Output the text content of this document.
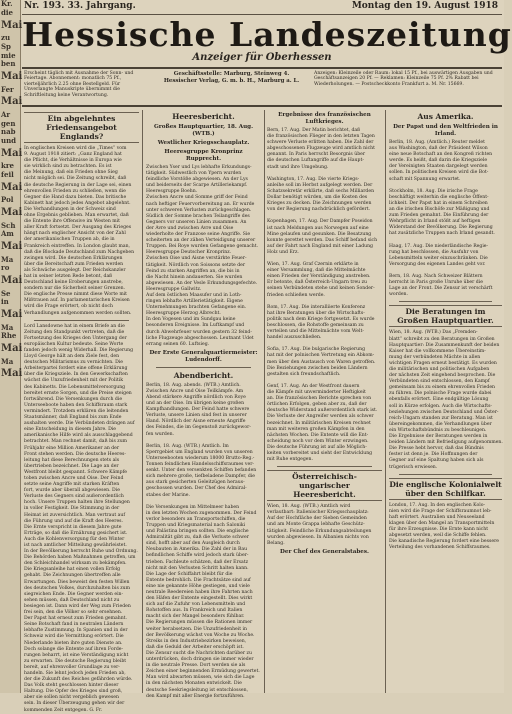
Kr.
die
Mai
zu
Sp
mie
ben
Mai
Fer
Mai
Ar
gen
nab
und
Mai
kre
feil
Mai
Pol
Mai
Sch
Am
Mai
Ma
ro
Mai
Se
in
Mai
Ma
Rhe
Mai
Ma
Mai
Nr. 193. 33. Jahrgang.	Montag den 19. August 1918
Hessische Landeszeitung
Anzeiger für Oberhessen
Erscheint täglich mit Ausnahme der Sonn- und Feiertage. Abonnement: monatlich 75 Pf., vierteljährlich 2.25 ohne Bestellgeld. Für Unverlangte Manuskripte übernimmt die Schriftleitung keine Verantwortung.
Geschäftsstelle: Marburg, Steinweg 4.
Hessischer Verlag, G. m. b. H., Marburg a. L.
Anzeigen: Kleinzeile oder Raum: lokal 15 Pf., bei auswärtigen Ausgaben und Geschäftsanzeigen 20 Pf. — Reklamen: Kleinzeile 75 Pf. 2% Rabatt bei Wiederholungen. — Postscheckkonto Frankfurt a. M. Nr. 15669.
Ein abgelehntes Friedensangebot Englands?
In englischen Kreisen wird die „Times“ vom
9. August 1918 zitiert: „Ganz England hat
die Pflicht, die Verhältnisse in Europa wie
sie wirklich sind zu betrachten. Es ist
die Meinung, daß ein Frieden ohne Sieg
nicht möglich sei. Die Zeitung schreibt, daß
die deutsche Regierung in der Lage sei, einen
ehrenvollen Frieden zu schließen, wenn die
Gegner die Hand dazu bieten. Das britische
Kabinett hat jedoch jedes Angebot abgelehnt.
Die Verhandlungen in der Schweiz sind
ohne Ergebnis geblieben. Man erwartet, daß
die Entente ihre Offensive im Westen mit
aller Kraft fortsetzt. Der Ausgang des Krieges
hängt nach englischer Ansicht von der Zahl
der amerikanischen Truppen ab, die in
Frankreich eintreffen. In London glaubt man,
daß die Blockade Deutschland zum Nachgeben
zwingen wird. Die deutschen Erklärungen
über die Bereitschaft zum Frieden werden
als Schwäche ausgelegt. Der Reichskanzler
hat in seiner letzten Rede betont, daß
Deutschland keine Eroberungen anstrebe,
sondern nur die Sicherheit seiner Grenzen.
Die englische Presse nimmt diese Worte mit
Mißtrauen auf. In parlamentarischen Kreisen
wird die Frage erörtert, ob nicht doch
Verhandlungen aufgenommen werden sollten.
Lord Lansdowne hat in einem Briefe an die
Zeitung den Standpunkt vertreten, daß die
Fortsetzung des Krieges den Untergang der
europäischen Kultur bedeute. Seine Worte
fanden jedoch wenig Widerhall. Die Regierung
Lloyd George hält an dem Ziele fest, den
deutschen Militarismus zu vernichten. Die
Arbeiterpartei fordert eine offene Erklärung
über die Kriegsziele. In den Gewerkschaften
wächst die Unzufriedenheit mit der Politik
des Kabinetts. Die Lebensmittelversorgung
bereitet ernste Sorgen, und die Preise steigen
fortwährend. Die Versenkungen durch die
Unterseeboote haben den Schiffsraum stark
vermindert. Trotzdem erklären die leitenden
Staatsmänner, daß England bis zum Ende
aushalten werde. Die Verbündeten drängen auf
eine Entscheidung in diesem Jahre. Die
amerikanische Hilfe wird als ausschlaggebend
betrachtet. Man rechnet damit, daß bis zum
Frühjahr eine Million Amerikaner an der
Front stehen werden. Die deutsche Heeres-
leitung hat diese Berechnungen stets als
übertrieben bezeichnet. Die Lage an der
Westfront bleibt gespannt. Schwere Kämpfe
toben zwischen Ancre und Oise. Der Feind
setzte seine Angriffe mit starken Kräften
fort, wurde aber überall abgewiesen. Die
Verluste des Gegners sind außerordentlich
hoch. Unsere Truppen halten ihre Stellungen
in voller Festigkeit. Die Stimmung in der
Heimat ist zuversichtlich. Man vertraut auf
die Führung und auf die Kraft des Heeres.
Die Ernte verspricht in diesem Jahre gute
Erträge, so daß die Ernährung gesichert ist.
Auch die Kohlenversorgung für den Winter
ist nach amtlicher Mitteilung gewährleistet.
In der Bevölkerung herrscht Ruhe und Ordnung.
Die Behörden haben Maßnahmen getroffen, um
den Schleichhandel wirksam zu bekämpfen.
Die Kriegsanleihe hat einen vollen Erfolg
gehabt. Die Zeichnungen übertreffen alle
Erwartungen. Dies beweist den festen Willen
des deutschen Volkes, durchzuhalten bis zum
siegreichen Ende. Die Gegner werden ein-
sehen müssen, daß Deutschland nicht zu
besiegen ist. Dann wird der Weg zum Frieden
frei sein, den die Völker so sehr ersehnen.
Der Papst hat erneut zum Frieden gemahnt.
Seine Botschaft fand in neutralen Ländern
lebhafte Zustimmung. In Spanien und in der
Schweiz wird die Vermittlung erörtert. Die
Niederlande bieten ihre guten Dienste an.
Doch solange die Entente auf ihren Forde-
rungen beharrt, ist eine Verständigung nicht
zu erwarten. Die deutsche Regierung bleibt
bereit, auf ehrenvoller Grundlage zu ver-
handeln. Sie lehnt jedoch jeden Frieden ab,
der die Zukunft des Reiches gefährden würde.
Das Volk steht geschlossen hinter dieser
Haltung. Die Opfer des Krieges sind groß,
aber sie sollen nicht vergeblich gewesen
sein. In dieser Überzeugung gehen wir der
kommenden Zeit entgegen. G. Fr.
Heeresbericht.
Großes Hauptquartier, 18. Aug. (WTB.)
Westlicher Kriegsschauplatz.
Heeresgruppe Kronprinz Rupprecht.
Zwischen Yser und Lys lebhafte Erkundungs-
tätigkeit. Südwestlich von Ypern wurden
feindliche Vorstöße abgewiesen. An der Lys
und beiderseits der Scarpe Artilleriekampf.
Heeresgruppe Boehn.
Zwischen Ancre und Somme griff der Feind
nach heftiger Feuervorbereitung an. Er wurde
unter schweren Verlusten zurückgeschlagen.
Südlich der Somme brachen Teilangriffe des
Gegners vor unseren Linien zusammen. An
der Avre und zwischen Avre und Oise
wiederholte der Franzose seine Angriffe. Sie
scheiterten an der zähen Verteidigung unserer
Truppen. Bei Roye wurden Gefangene gemacht.
Heeresgruppe Deutscher Kronprinz.
Zwischen Oise und Aisne verstärkte Feuer-
tätigkeit. Nördlich von Soissons setzte der
Feind zu starken Angriffen an, die bis in
die Nacht hinein andauerten. Sie wurden
abgewiesen. An der Vesle Erkundungsgefechte.
Heeresgruppe Gallwitz.
Auf dem östlichen Maasufer und in Loth-
ringen lebhafte Artillerietätigkeit. Eigene
Unternehmungen brachten Gefangene ein.
Heeresgruppe Herzog Albrecht.
In den Vogesen und im Sundgau keine
besonderen Ereignisse. Im Luftkampf und
durch Abwehrfeuer wurden gestern 32 feind-
liche Flugzeuge abgeschossen. Leutnant Udet
errang seinen 60. Luftsieg.
Der Erste Generalquartiermeister: Ludendorff.
Abendbericht.
Berlin, 18. Aug. abends. (WTB.) Amtlich.
Zwischen Ancre und Oise Teilkämpfe. Am
Abend stärkere Angriffe nördlich von Roye
und an der Oise. Im übrigen keine großen
Kampfhandlungen. Der Feind hatte schwere
Verluste, unsere Linien sind fest in unserer
Hand. Nördlich der Aisne erneute Angriffe
des Feindes, die im Gegenstoß zurückgewor-
fen wurden.

Berlin, 18. Aug. (WTB.) Amtlich. Im
Sperrgebiet um England wurden von unseren
Unterseebooten wiederum 18000 Brutto-Reg.-
Tonnen feindlichen Handelsschiffsraumes ver-
senkt. Unter den versenkten Schiffen befanden
sich mehrere große, tiefbeladene Dampfer, die
aus stark gesicherten Geleitzügen heraus-
geschossen wurden. Der Chef des Admiral-
stabes der Marine.

Die Versenkungen im Mittelmeer haben
in den letzten Wochen zugenommen. Der Feind
verlor besonders an Transportschiffen, die
Truppen und Kriegsmaterial nach Saloniki
und Palästina bringen sollten. Die englische
Admiralität gibt zu, daß die Verluste schwer
sind, hofft aber auf den Ausgleich durch
Neubauten in Amerika. Die Zahl der in Bau
befindlichen Schiffe wird jedoch stark über-
trieben. Fachleute schätzen, daß der Ersatz
nicht mit den Verlusten Schritt halten kann.
Die Lage der Schiffahrt bleibt für die
Entente bedrohlich. Die Frachtsätze sind auf
eine nie gekannte Höhe gestiegen, und viele
neutrale Reedereien haben ihre Fahrten nach
den Häfen der Entente eingestellt. Dies wirkt
sich auf die Zufuhr von Lebensmitteln und
Rohstoffen aus. In Frankreich und Italien
macht sich der Mangel besonders fühlbar.
Die Regierungen müssen die Rationen immer
weiter herabsetzen. Die Unzufriedenheit in
der Bevölkerung wächst von Woche zu Woche.
Streiks in den Industriebezirken beweisen,
daß die Geduld der Arbeiter erschöpft ist.
Die Zensur sucht die Nachrichten darüber zu
unterdrücken, doch dringen sie immer wieder
in die neutrale Presse. Dort werden sie als
Zeichen einer beginnenden Ermüdung gewertet.
Man wird abwarten müssen, wie sich die Lage
in den nächsten Monaten entwickelt. Die
deutsche Seekriegsleitung ist entschlossen,
den Kampf mit aller Energie fortzuführen.
Ergebnisse des französischen Luftkrieges.
Bern, 17. Aug. Der Matin berichtet, daß
die französischen Flieger in den letzten Tagen
schwere Verluste erlitten haben. Die Zahl der
abgeschossenen Flugzeuge wird amtlich nicht
genannt. In Paris herrscht Besorgnis über
die deutschen Luftangriffe auf die Haupt-
stadt und ihre Umgebung.

Washington, 17. Aug. Die vierte Kriegs-
anleihe soll im Herbst aufgelegt werden. Der
Schatzsekretär erklärte, daß sechs Milliarden
Dollar benötigt würden, um die Kosten des
Krieges zu decken. Die Zeichnungen werden
von der Regierung nachdrücklich gefördert.

Kopenhagen, 17. Aug. Der Dampfer Poseidon
ist nach Meldungen aus Norwegen auf eine
Mine gelaufen und gesunken. Die Besatzung
konnte gerettet werden. Das Schiff befand sich
auf der Fahrt nach England mit einer Ladung
Holz und Erz.

Wien, 17. Aug. Graf Czernin erklärte in
einer Versammlung, daß die Mittelmächte
einen Frieden der Verständigung anstreben.
Er betonte, daß Österreich-Ungarn treu zu
seinen Verbündeten stehe und keinen Sonder-
frieden schließen werde.

Rom, 17. Aug. Die interalliierte Konferenz
hat ihre Beratungen über die Wirtschafts-
politik nach dem Kriege fortgesetzt. Es wurde
beschlossen, die Rohstoffe gemeinsam zu
verteilen und die Mittelmächte vom Welt-
handel auszuschließen.

Sofia, 17. Aug. Die bulgarische Regierung
hat mit der polnischen Vertretung ein Abkom-
men über den Austausch von Waren getroffen.
Die Beziehungen zwischen beiden Ländern
gestalten sich freundschaftlich.

Genf, 17. Aug. An der Westfront dauern
die Kämpfe mit unverminderter Heftigkeit
an. Die französischen Berichte sprechen von
örtlichen Erfolgen, geben aber zu, daß der
deutsche Widerstand außerordentlich stark ist.
Die Verluste der Angreifer werden als schwer
bezeichnet. In militärischen Kreisen rechnet
man mit weiteren großen Kämpfen in den
nächsten Wochen. Die Entente will die Ent-
scheidung noch vor dem Winter erzwingen.
Die deutsche Führung ist auf alle Möglich-
keiten vorbereitet und sieht der Entwicklung
mit Ruhe entgegen.
Österreichisch-ungarischer Heeresbericht.
Wien, 18. Aug. (WTB.) Amtlich wird
verlautbart: Italienischer Kriegsschauplatz:
Auf der Hochfläche der Sieben Gemeinden
und am Monte Grappa lebhafte Geschütz-
tätigkeit. Feindliche Erkundungsabteilungen
wurden abgewiesen. In Albanien nichts von
Belang.
Der Chef des Generalstabes.
Aus Amerika.
Der Papst und den Weltfrieden in Irland.
Berlin, 18. Aug. (Amtlich.) Reuter meldet
aus Washington, daß der Präsident Wilson
eine neue Botschaft an den Kongreß richten
werde. Es heißt, daß darin die Kriegsziele
der Vereinigten Staaten dargelegt werden
sollen. In politischen Kreisen wird die Bot-
schaft mit Spannung erwartet.

Stockholm, 18. Aug. Die irische Frage
beschäftigt weiterhin die englische Öffent-
lichkeit. Der Papst hat in einem Schreiben
an die irischen Bischöfe zur Mäßigung und
zum Frieden gemahnt. Die Einführung der
Wehrpflicht in Irland stößt auf heftigen
Widerstand der Bevölkerung. Die Regierung
hat zusätzliche Truppen nach Irland gesandt.

Haag, 17. Aug. Die niederländische Regie-
rung hat beschlossen, die Ausfuhr von
Lebensmitteln weiter einzuschränken. Die
Versorgung des eigenen Landes geht vor.

Bern, 18. Aug. Nach Schweizer Blättern
herrscht in Paris große Unruhe über die
Lage an der Front. Die Zensur ist verschärft
worden.
Die Beratungen im Großen Hauptquartier.
Wien, 18. Aug. (WTB.) Das „Fremden-
blatt“ schreibt zu den Beratungen im Großen
Hauptquartier: Die Zusammenkunft der beiden
Kaiser hat die vollkommene Übereinstim-
mung der verbündeten Mächte in allen
wichtigen Fragen erneut bestätigt. Es wurden
die militärischen und politischen Aufgaben
der nächsten Zeit eingehend besprochen. Die
Verbündeten sind entschlossen, den Kampf
gemeinsam bis zu einem ehrenvollen Frieden
zu führen. Die polnische Frage wurde dabei
ebenfalls erörtert. Eine endgültige Lösung
soll in Kürze erfolgen. Auch die Wirtschafts-
beziehungen zwischen Deutschland und Öster-
reich-Ungarn standen zur Beratung. Man ist
übereingekommen, die Verhandlungen über
ein Wirtschaftsbündnis zu beschleunigen.
Die Ergebnisse der Beratungen werden in
beiden Ländern mit Befriedigung aufgenommen.
Die Presse hebt hervor, daß das Bündnis
fester ist denn je. Die Hoffnungen der
Gegner auf eine Spaltung haben sich als
trügerisch erwiesen.
Die englische Kolonialwelt über den Schilfkar.
London, 17. Aug. In den englischen Kolo-
nien wird die Frage der Schiffsraumnot leb-
haft erörtert. Australien und Neuseeland
klagen über den Mangel an Transportmitteln
für ihre Erzeugnisse. Die Ernte kann nicht
abgesetzt werden, weil die Schiffe fehlen.
Die kanadische Regierung fordert eine bessere
Verteilung des vorhandenen Schiffsraumes.
